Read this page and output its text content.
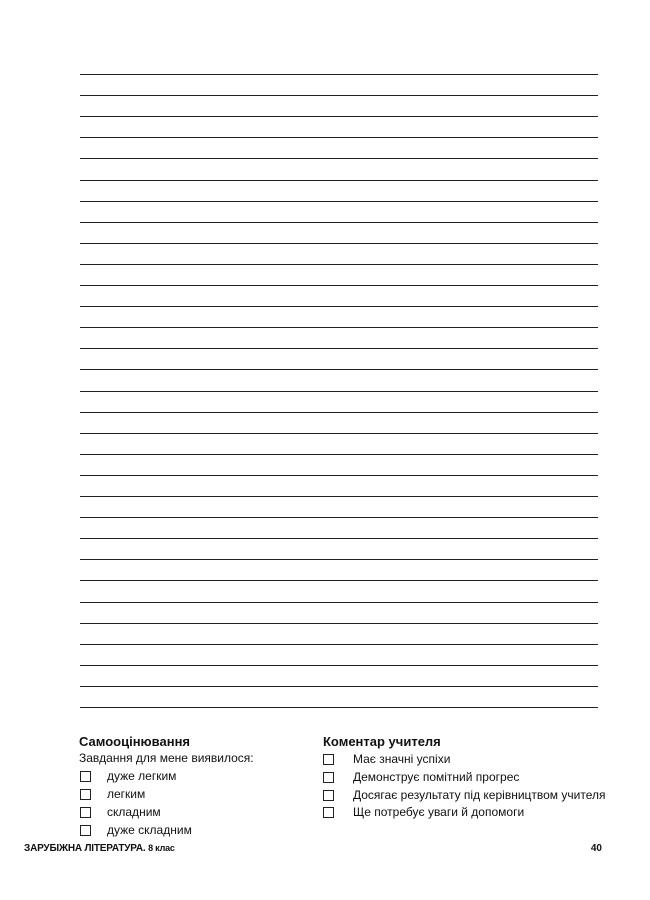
Самооцінювання
Завдання для мене виявилося:
дуже легким
легким
складним
дуже складним
Коментар учителя
Має значні успіхи
Демонструє помітний прогрес
Досягає результату під керівництвом учителя
Ще потребує уваги й допомоги
ЗАРУБІЖНА ЛІТЕРАТУРА. 8 клас	40
